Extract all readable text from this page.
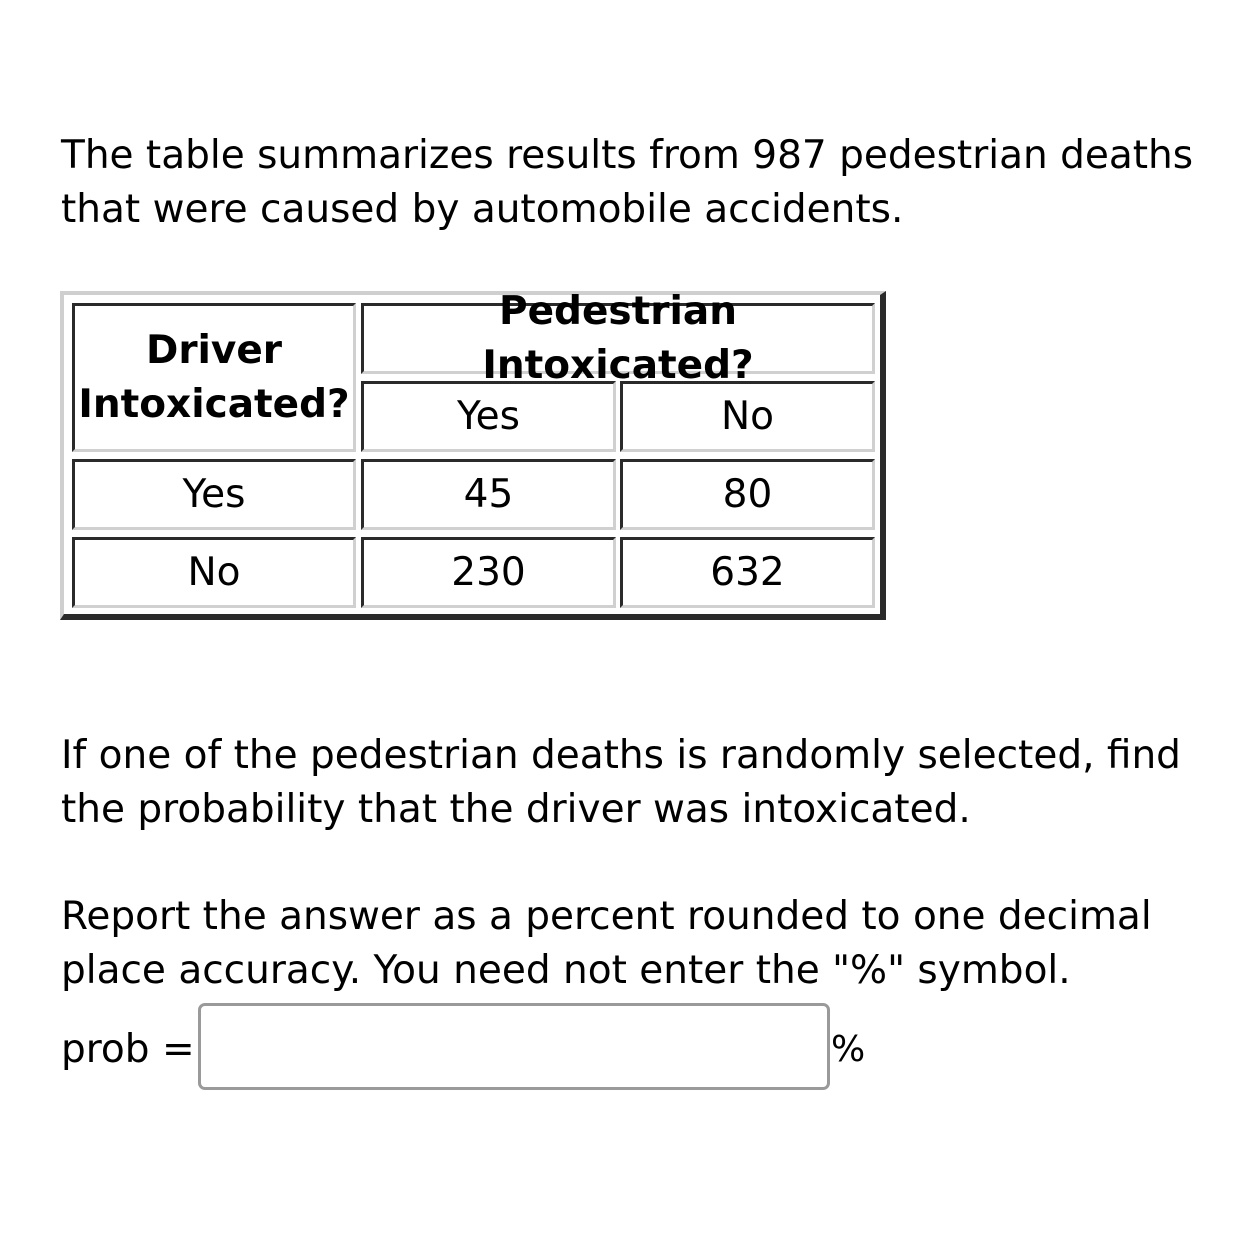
The table summarizes results from 987 pedestrian deaths that were caused by automobile accidents.

Driver Intoxicated?
Pedestrian Intoxicated?
Yes	No
Yes	45	80
No	230	632

If one of the pedestrian deaths is randomly selected, find the probability that the driver was intoxicated.

Report the answer as a percent rounded to one decimal place accuracy. You need not enter the "%" symbol.

prob =	%
